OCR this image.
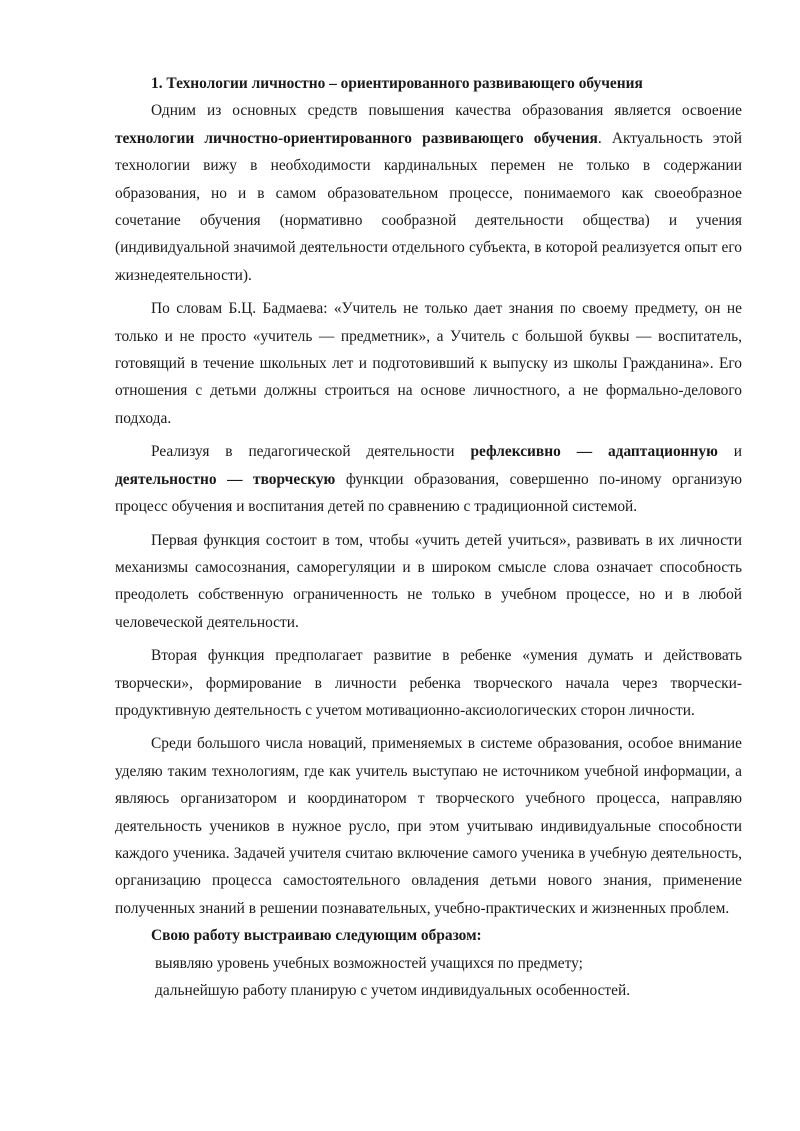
1. Технологии личностно – ориентированного развивающего обучения

Одним из основных средств повышения качества образования является освоение технологии личностно-ориентированного развивающего обучения. Актуальность этой технологии вижу в необходимости кардинальных перемен не только в содержании образования, но и в самом образовательном процессе, понимаемого как своеобразное сочетание обучения (нормативно сообразной деятельности общества) и учения (индивидуальной значимой деятельности отдельного субъекта, в которой реализуется опыт его жизнедеятельности).

По словам Б.Ц. Бадмаева: «Учитель не только дает знания по своему предмету, он не только и не просто «учитель — предметник», а Учитель с большой буквы — воспитатель, готовящий в течение школьных лет и подготовивший к выпуску из школы Гражданина». Его отношения с детьми должны строиться на основе личностного, а не формально-делового подхода.

Реализуя в педагогической деятельности рефлексивно — адаптационную и деятельностно — творческую функции образования, совершенно по-иному организую процесс обучения и воспитания детей по сравнению с традиционной системой.

Первая функция состоит в том, чтобы «учить детей учиться», развивать в их личности механизмы самосознания, саморегуляции и в широком смысле слова означает способность преодолеть собственную ограниченность не только в учебном процессе, но и в любой человеческой деятельности.

Вторая функция предполагает развитие в ребенке «умения думать и действовать творчески», формирование в личности ребенка творческого начала через творчески-продуктивную деятельность с учетом мотивационно-аксиологических сторон личности.

Среди большого числа новаций, применяемых в системе образования, особое внимание уделяю таким технологиям, где как учитель выступаю не источником учебной информации, а являюсь организатором и координатором т творческого учебного процесса, направляю деятельность учеников в нужное русло, при этом учитываю индивидуальные способности каждого ученика. Задачей учителя считаю включение самого ученика в учебную деятельность, организацию процесса самостоятельного овладения детьми нового знания, применение полученных знаний в решении познавательных, учебно-практических и жизненных проблем.

Свою работу выстраиваю следующим образом:

выявляю уровень учебных возможностей учащихся по предмету;

дальнейшую работу планирую с учетом индивидуальных особенностей.
